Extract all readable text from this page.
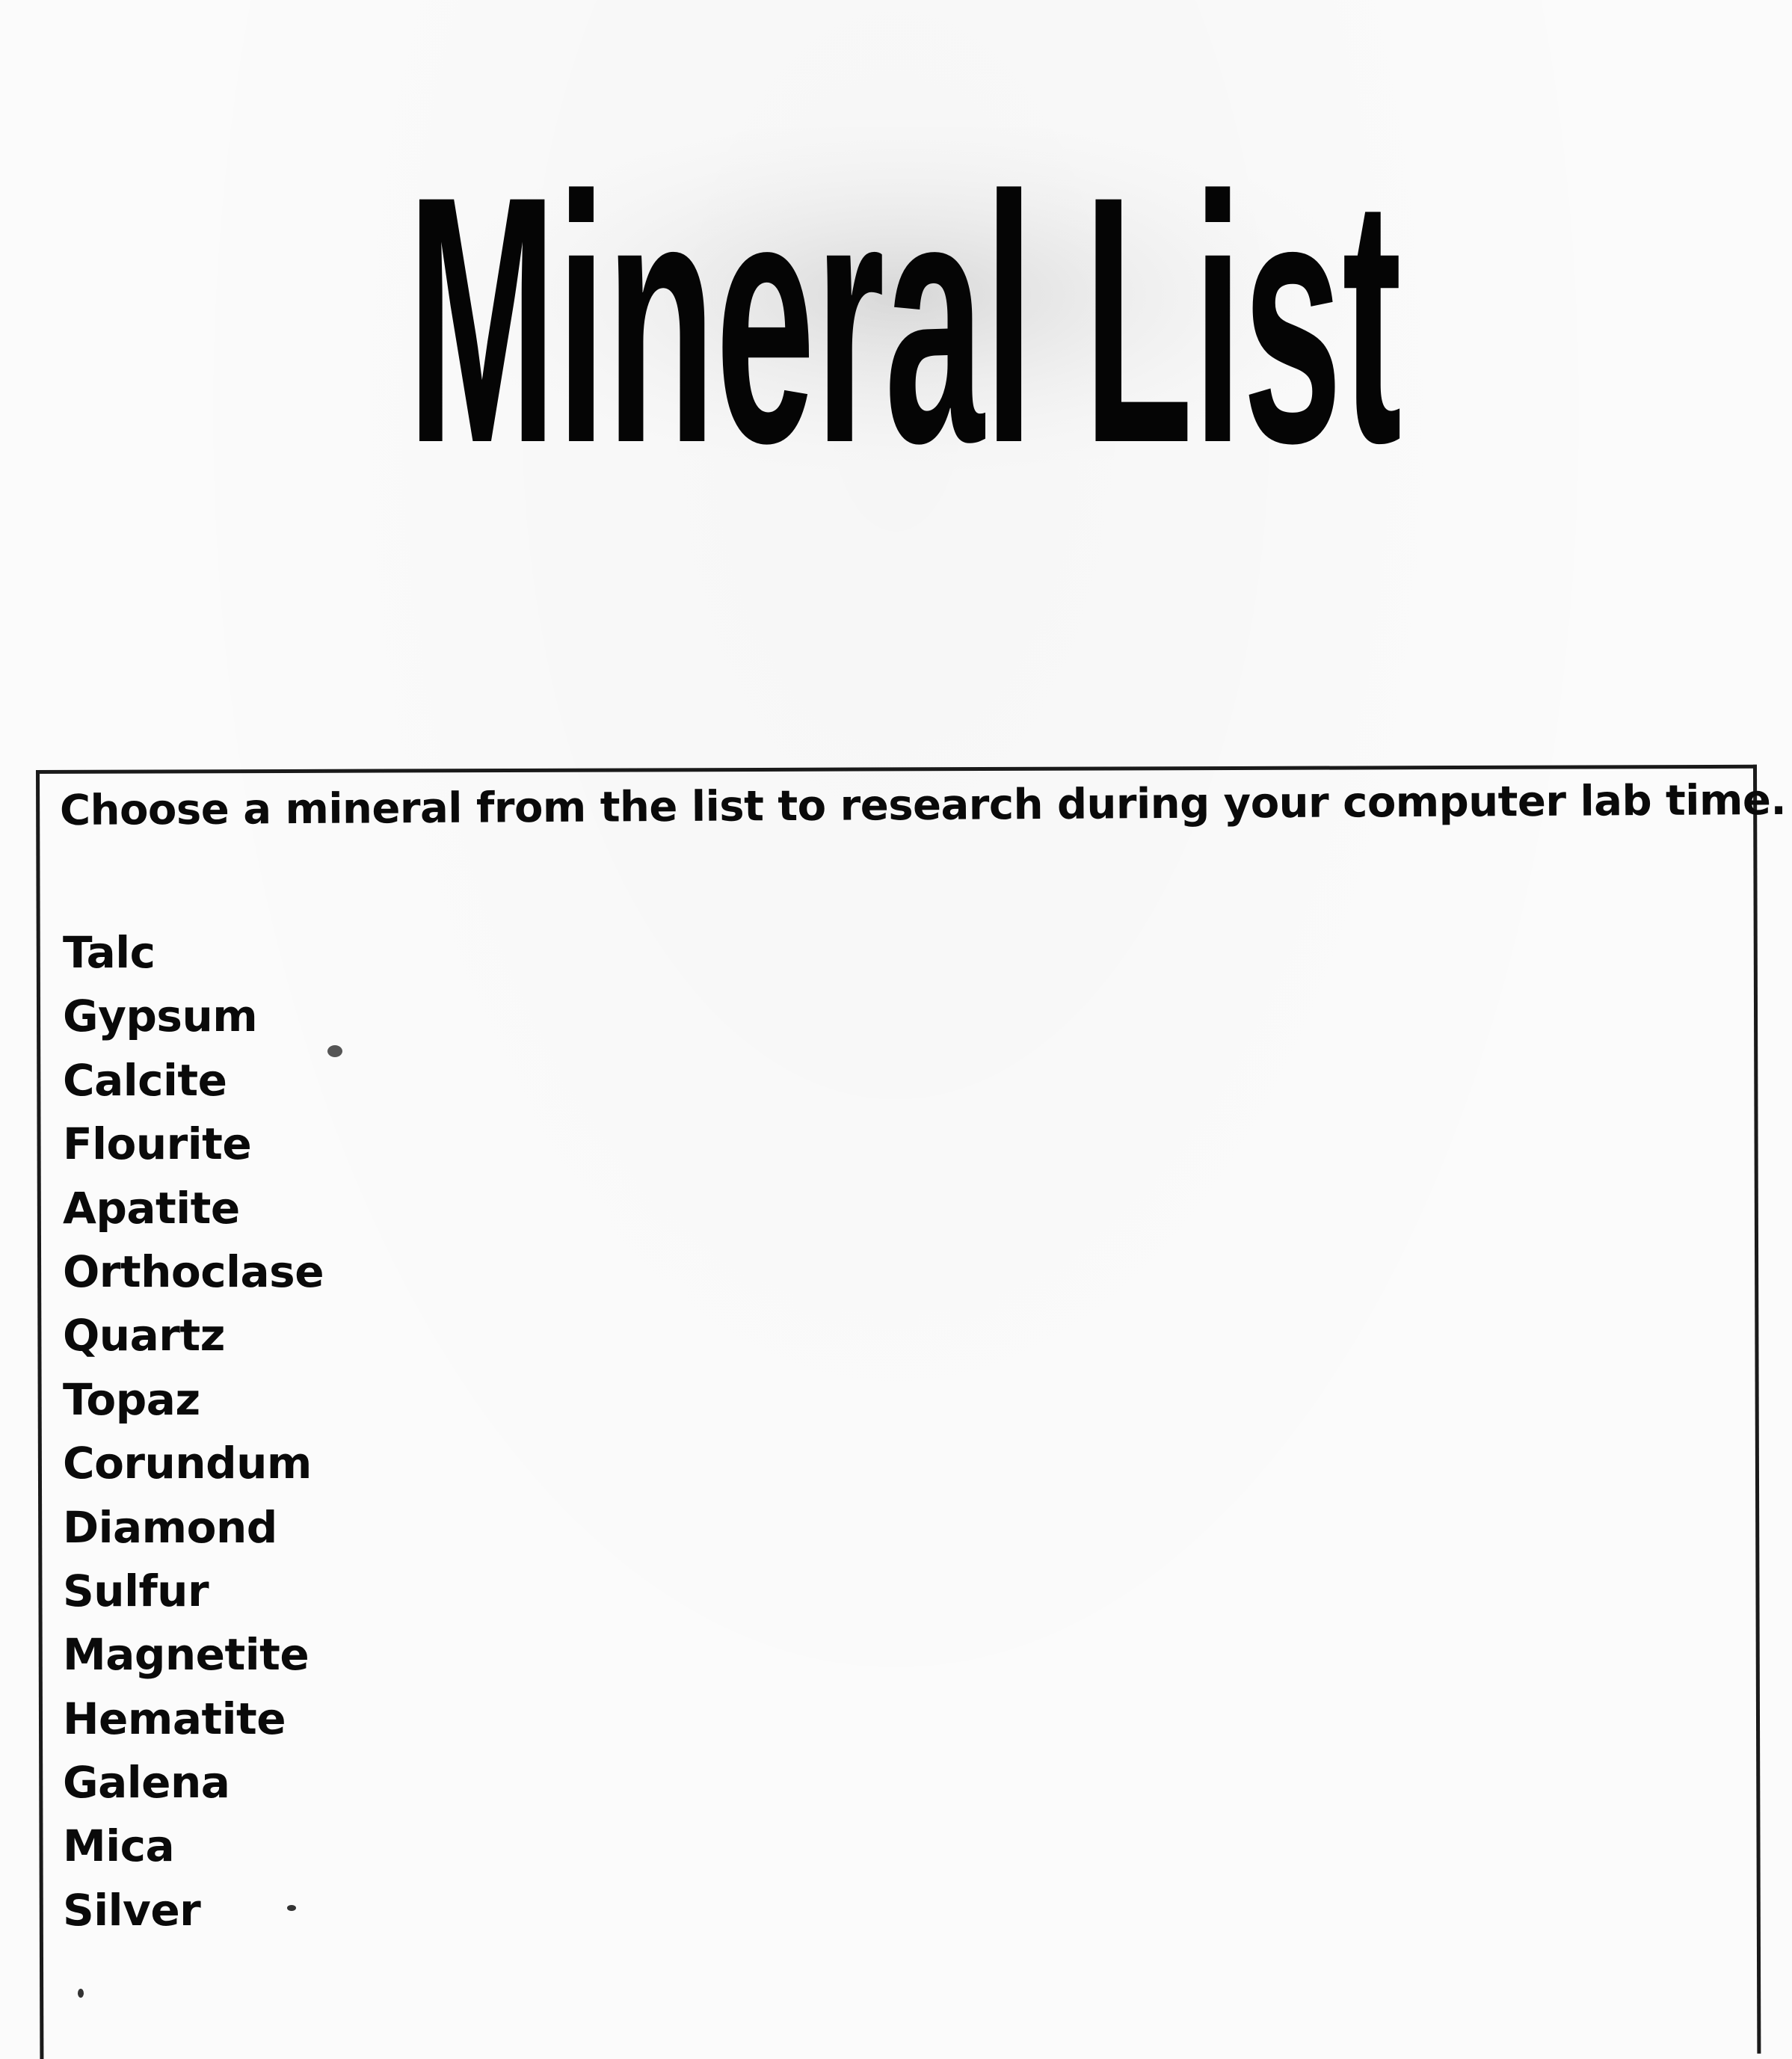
Mineral List
Choose a mineral from the list to research during your computer lab time.
Talc
Gypsum
Calcite
Flourite
Apatite
Orthoclase
Quartz
Topaz
Corundum
Diamond
Sulfur
Magnetite
Hematite
Galena
Mica
Silver
